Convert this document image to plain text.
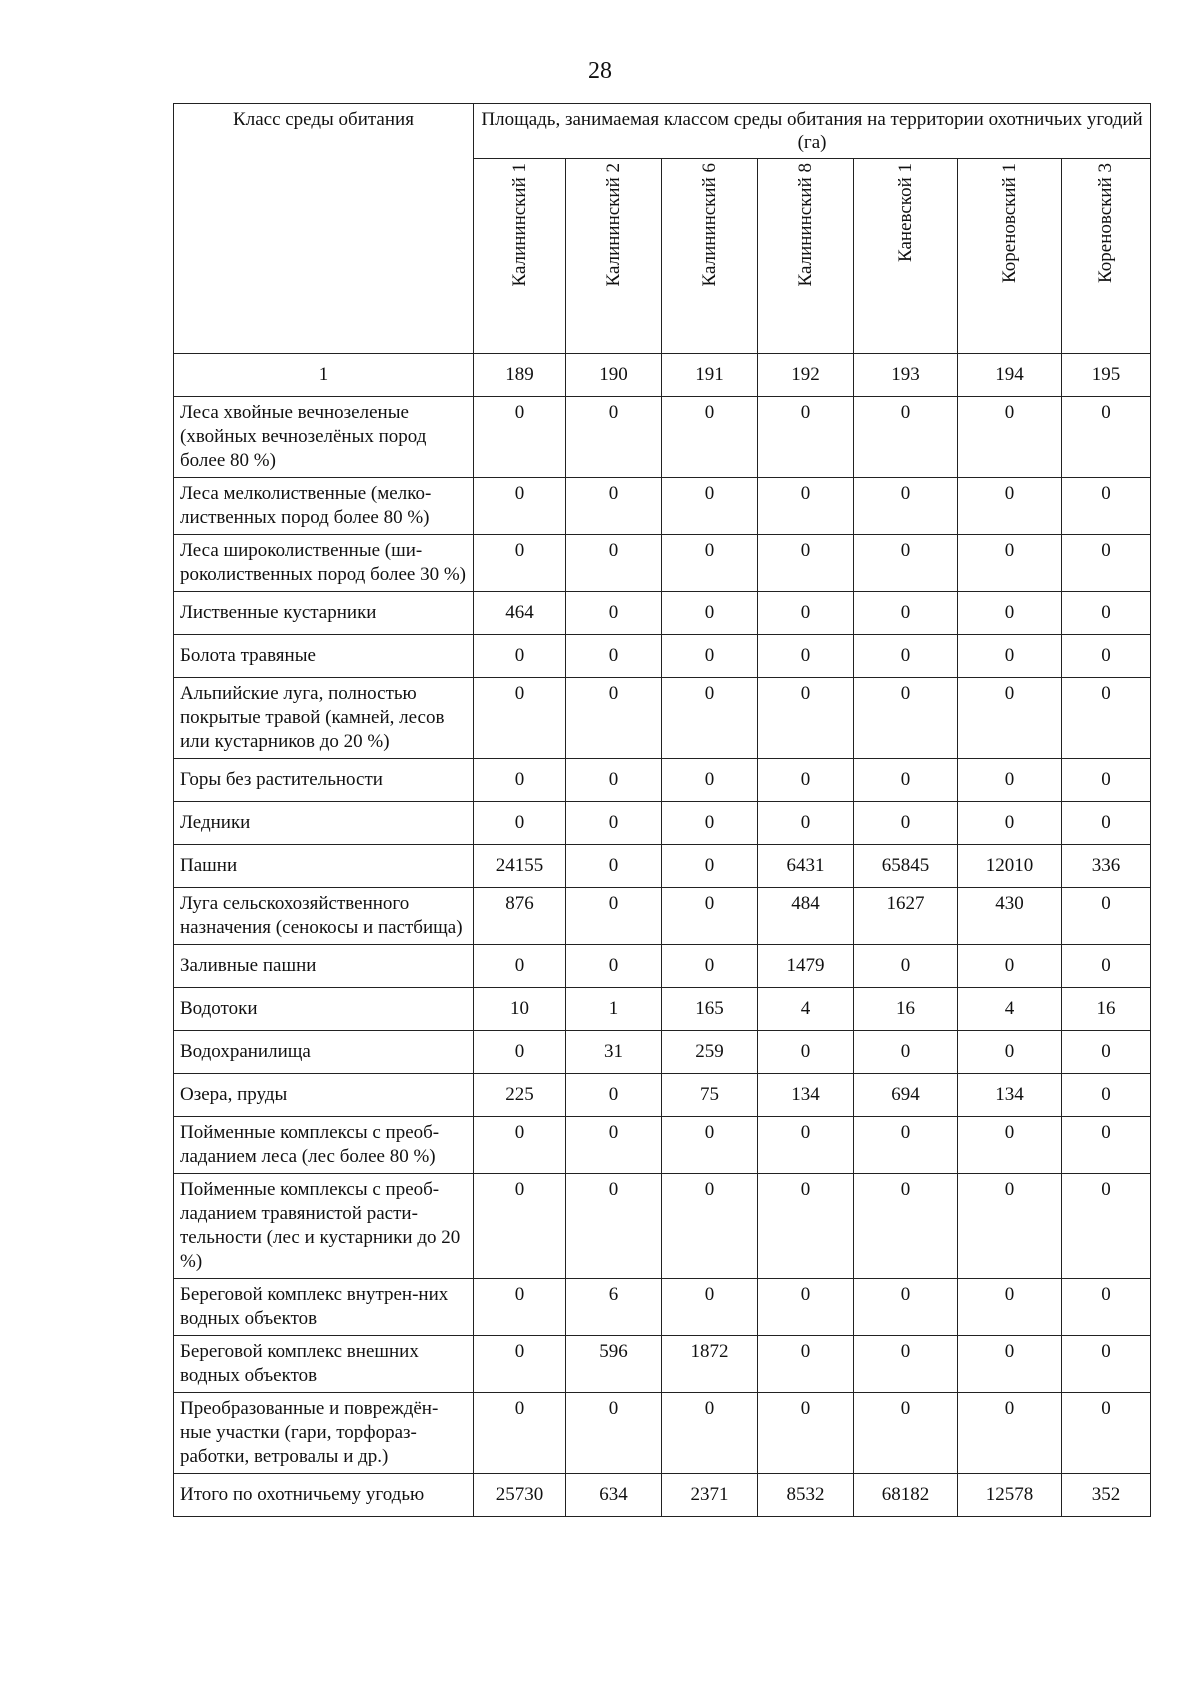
28
Класс среды обитания	Площадь, занимаемая классом среды обитания на территории охотничьих угодий (га)						
	Калининский 1	Калининский 2	Калининский 6	Калининский 8	Каневской 1	Кореновский 1	Кореновский 3
1	189	190	191	192	193	194	195
Леса хвойные вечнозеленые (хвойных вечнозелёных пород более 80 %)	0	0	0	0	0	0	0
Леса мелколиственные (мелко-лиственных пород более 80 %)	0	0	0	0	0	0	0
Леса широколиственные (ши-роколиственных пород более 30 %)	0	0	0	0	0	0	0
Лиственные кустарники	464	0	0	0	0	0	0
Болота травяные	0	0	0	0	0	0	0
Альпийские луга, полностью покрытые травой (камней, лесов или кустарников до 20 %)	0	0	0	0	0	0	0
Горы без растительности	0	0	0	0	0	0	0
Ледники	0	0	0	0	0	0	0
Пашни	24155	0	0	6431	65845	12010	336
Луга сельскохозяйственного назначения (сенокосы и пастбища)	876	0	0	484	1627	430	0
Заливные пашни	0	0	0	1479	0	0	0
Водотоки	10	1	165	4	16	4	16
Водохранилища	0	31	259	0	0	0	0
Озера, пруды	225	0	75	134	694	134	0
Пойменные комплексы с преоб-ладанием леса (лес более 80 %)	0	0	0	0	0	0	0
Пойменные комплексы с преоб-ладанием травянистой расти-тельности (лес и кустарники до 20 %)	0	0	0	0	0	0	0
Береговой комплекс внутрен-них водных объектов	0	6	0	0	0	0	0
Береговой комплекс внешних водных объектов	0	596	1872	0	0	0	0
Преобразованные и повреждён-ные участки (гари, торфораз-работки, ветровалы и др.)	0	0	0	0	0	0	0
Итого по охотничьему угодью	25730	634	2371	8532	68182	12578	352
